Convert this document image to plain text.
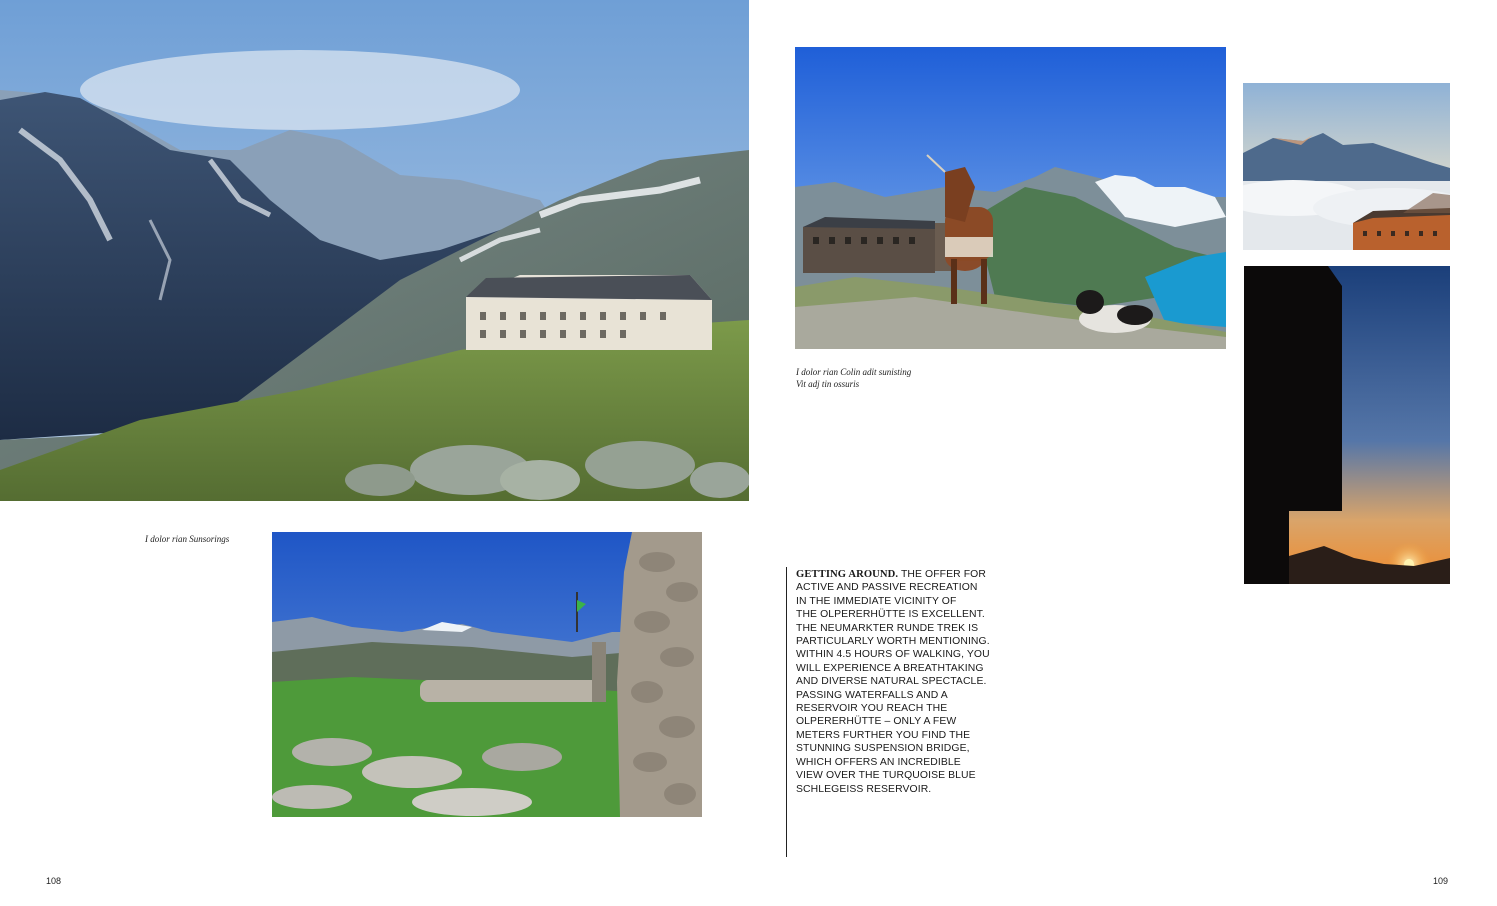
I dolor rian Sunsorings
I dolor rian Colin adit sunisting
Vit adj tin ossuris
GETTING AROUND. THE OFFER FOR
ACTIVE AND PASSIVE RECREATION
IN THE IMMEDIATE VICINITY OF
THE OLPERERHÜTTE IS EXCELLENT.
THE NEUMARKTER RUNDE TREK IS
PARTICULARLY WORTH MENTIONING.
WITHIN 4.5 HOURS OF WALKING, YOU
WILL EXPERIENCE A BREATHTAKING
AND DIVERSE NATURAL SPECTACLE.
PASSING WATERFALLS AND A
RESERVOIR YOU REACH THE
OLPERERHÜTTE – ONLY A FEW
METERS FURTHER YOU FIND THE
STUNNING SUSPENSION BRIDGE,
WHICH OFFERS AN INCREDIBLE
VIEW OVER THE TURQUOISE BLUE
SCHLEGEISS RESERVOIR.
108	109
